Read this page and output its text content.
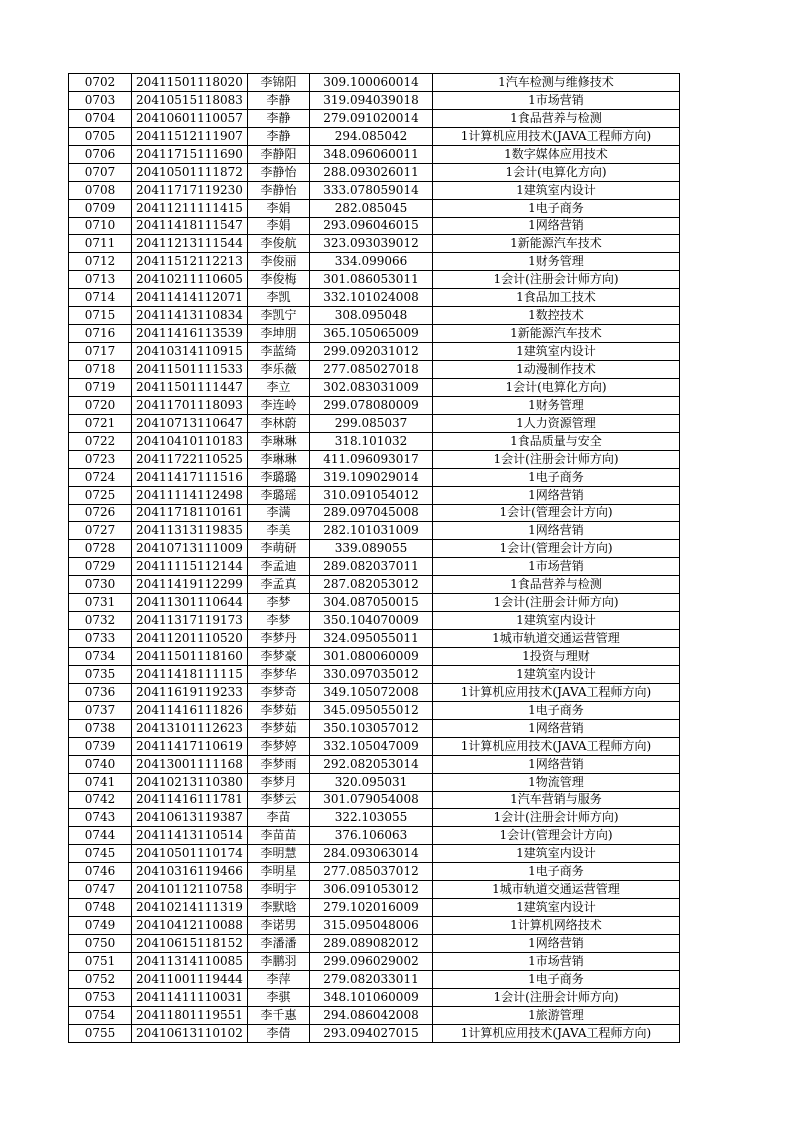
0702	20411501118020	李锦阳	309.100060014	1汽车检测与维修技术
0703	20410515118083	李静	319.094039018	1市场营销
0704	20410601110057	李静	279.091020014	1食品营养与检测
0705	20411512111907	李静	294.085042	1计算机应用技术(JAVA工程师方向)
0706	20411715111690	李静阳	348.096060011	1数字媒体应用技术
0707	20410501111872	李静怡	288.093026011	1会计(电算化方向)
0708	20411717119230	李静怡	333.078059014	1建筑室内设计
0709	20411211111415	李娟	282.085045	1电子商务
0710	20411418111547	李娟	293.096046015	1网络营销
0711	20411213111544	李俊航	323.093039012	1新能源汽车技术
0712	20411512112213	李俊丽	334.099066	1财务管理
0713	20410211110605	李俊梅	301.086053011	1会计(注册会计师方向)
0714	20411414112071	李凯	332.101024008	1食品加工技术
0715	20411413110834	李凯宁	308.095048	1数控技术
0716	20411416113539	李坤朋	365.105065009	1新能源汽车技术
0717	20410314110915	李蓝绮	299.092031012	1建筑室内设计
0718	20411501111533	李乐薇	277.085027018	1动漫制作技术
0719	20411501111447	李立	302.083031009	1会计(电算化方向)
0720	20411701118093	李连岭	299.078080009	1财务管理
0721	20410713110647	李林蔚	299.085037	1人力资源管理
0722	20410410110183	李琳琳	318.101032	1食品质量与安全
0723	20411722110525	李琳琳	411.096093017	1会计(注册会计师方向)
0724	20411417111516	李璐璐	319.109029014	1电子商务
0725	20411114112498	李璐瑶	310.091054012	1网络营销
0726	20411718110161	李满	289.097045008	1会计(管理会计方向)
0727	20411313119835	李美	282.101031009	1网络营销
0728	20410713111009	李萌研	339.089055	1会计(管理会计方向)
0729	20411115112144	李孟迪	289.082037011	1市场营销
0730	20411419112299	李孟真	287.082053012	1食品营养与检测
0731	20411301110644	李梦	304.087050015	1会计(注册会计师方向)
0732	20411317119173	李梦	350.104070009	1建筑室内设计
0733	20411201110520	李梦丹	324.095055011	1城市轨道交通运营管理
0734	20411501118160	李梦豪	301.080060009	1投资与理财
0735	20411418111115	李梦华	330.097035012	1建筑室内设计
0736	20411619119233	李梦奇	349.105072008	1计算机应用技术(JAVA工程师方向)
0737	20411416111826	李梦茹	345.095055012	1电子商务
0738	20413101112623	李梦茹	350.103057012	1网络营销
0739	20411417110619	李梦婷	332.105047009	1计算机应用技术(JAVA工程师方向)
0740	20413001111168	李梦雨	292.082053014	1网络营销
0741	20410213110380	李梦月	320.095031	1物流管理
0742	20411416111781	李梦云	301.079054008	1汽车营销与服务
0743	20410613119387	李苗	322.103055	1会计(注册会计师方向)
0744	20411413110514	李苗苗	376.106063	1会计(管理会计方向)
0745	20410501110174	李明慧	284.093063014	1建筑室内设计
0746	20410316119466	李明星	277.085037012	1电子商务
0747	20410112110758	李明宇	306.091053012	1城市轨道交通运营管理
0748	20410214111319	李默晗	279.102016009	1建筑室内设计
0749	20410412110088	李诺男	315.095048006	1计算机网络技术
0750	20410615118152	李潘潘	289.089082012	1网络营销
0751	20411314110085	李鹏羽	299.096029002	1市场营销
0752	20411001119444	李萍	279.082033011	1电子商务
0753	20411411110031	李骐	348.101060009	1会计(注册会计师方向)
0754	20411801119551	李千惠	294.086042008	1旅游管理
0755	20410613110102	李倩	293.094027015	1计算机应用技术(JAVA工程师方向)
